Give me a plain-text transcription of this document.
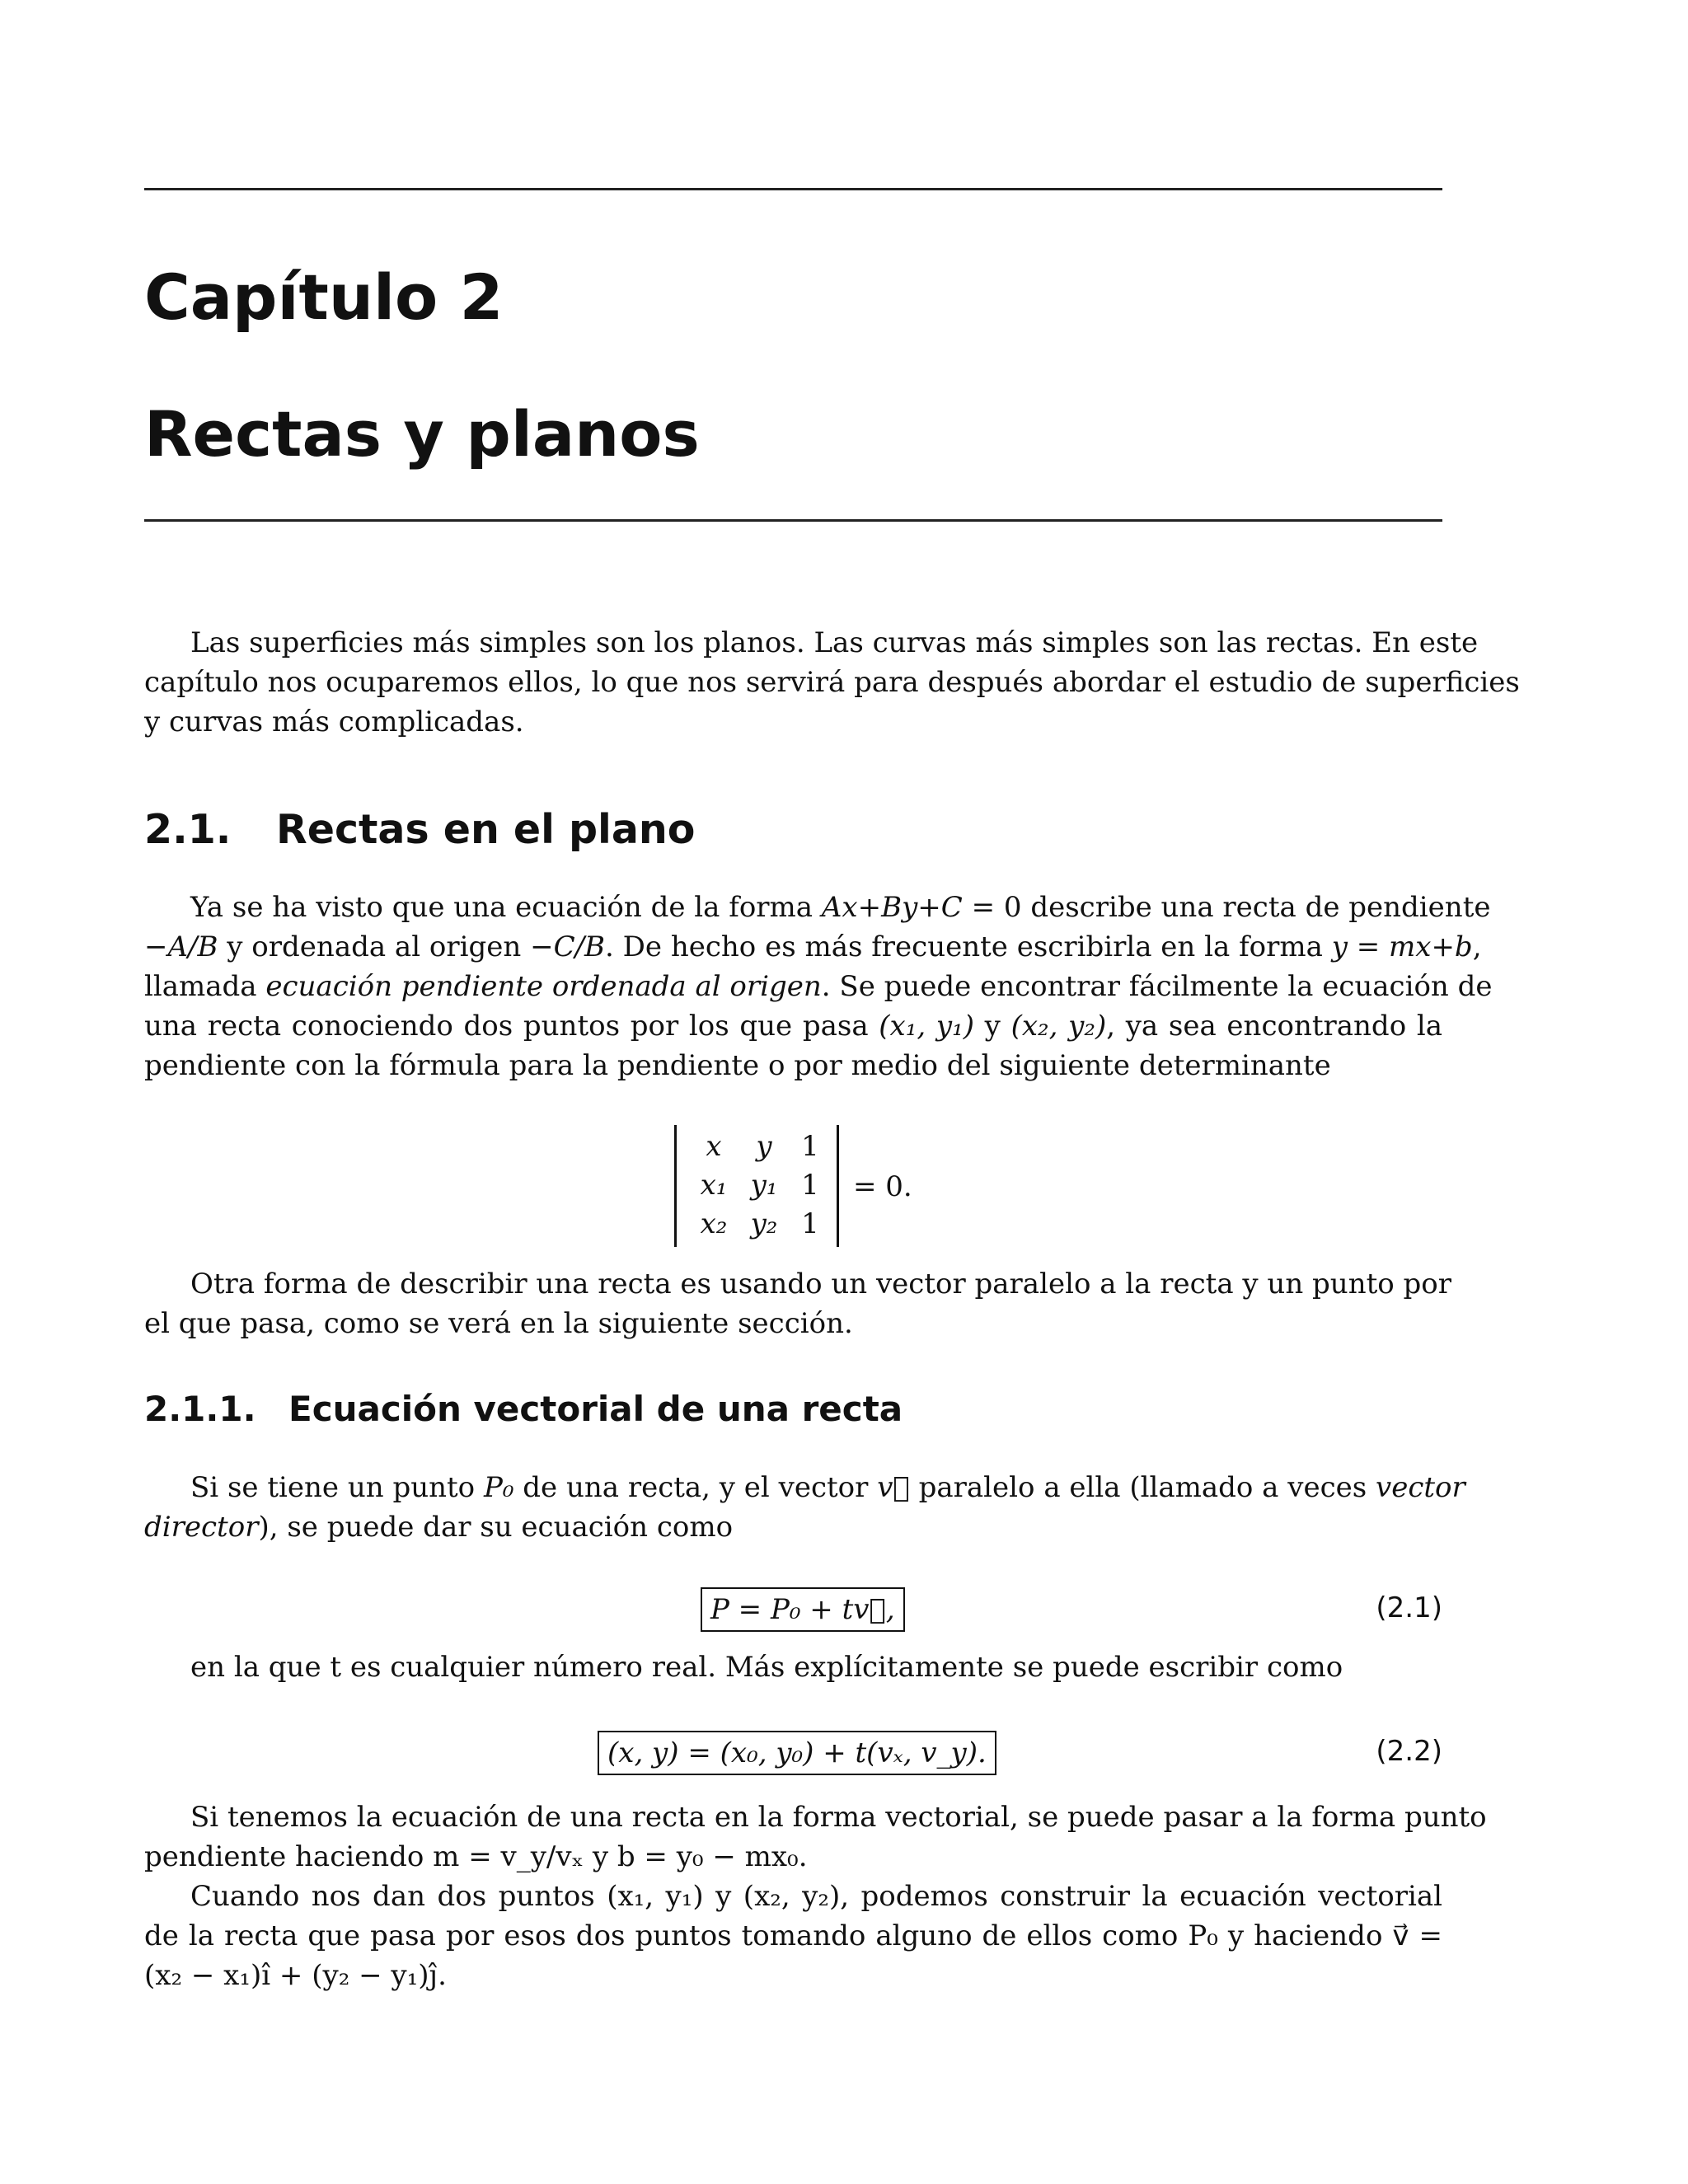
Capítulo 2
Rectas y planos
Las superficies más simples son los planos. Las curvas más simples son las rectas. En este
capítulo nos ocuparemos ellos, lo que nos servirá para después abordar el estudio de superficies
y curvas más complicadas.
2.1. Rectas en el plano
Ya se ha visto que una ecuación de la forma Ax+By+C = 0 describe una recta de pendiente
−A/B y ordenada al origen −C/B. De hecho es más frecuente escribirla en la forma y = mx+b,
llamada ecuación pendiente ordenada al origen. Se puede encontrar fácilmente la ecuación de
una recta conociendo dos puntos por los que pasa (x₁, y₁) y (x₂, y₂), ya sea encontrando la
pendiente con la fórmula para la pendiente o por medio del siguiente determinante
x	y	1
x₁ y₁ 1
x₂ y₂ 1
= 0.
Otra forma de describir una recta es usando un vector paralelo a la recta y un punto por
el que pasa, como se verá en la siguiente sección.
2.1.1. Ecuación vectorial de una recta
Si se tiene un punto P₀ de una recta, y el vector v⃗ paralelo a ella (llamado a veces vector
director), se puede dar su ecuación como
P = P₀ + tv⃗,	(2.1)
en la que t es cualquier número real. Más explícitamente se puede escribir como
(x, y) = (x₀, y₀) + t(vₓ, v_y).	(2.2)
Si tenemos la ecuación de una recta en la forma vectorial, se puede pasar a la forma punto
pendiente haciendo m = v_y/vₓ y b = y₀ − mx₀.
Cuando nos dan dos puntos (x₁, y₁) y (x₂, y₂), podemos construir la ecuación vectorial
de la recta que pasa por esos dos puntos tomando alguno de ellos como P₀ y haciendo v⃗ =
(x₂ − x₁)î + (y₂ − y₁)ĵ.
